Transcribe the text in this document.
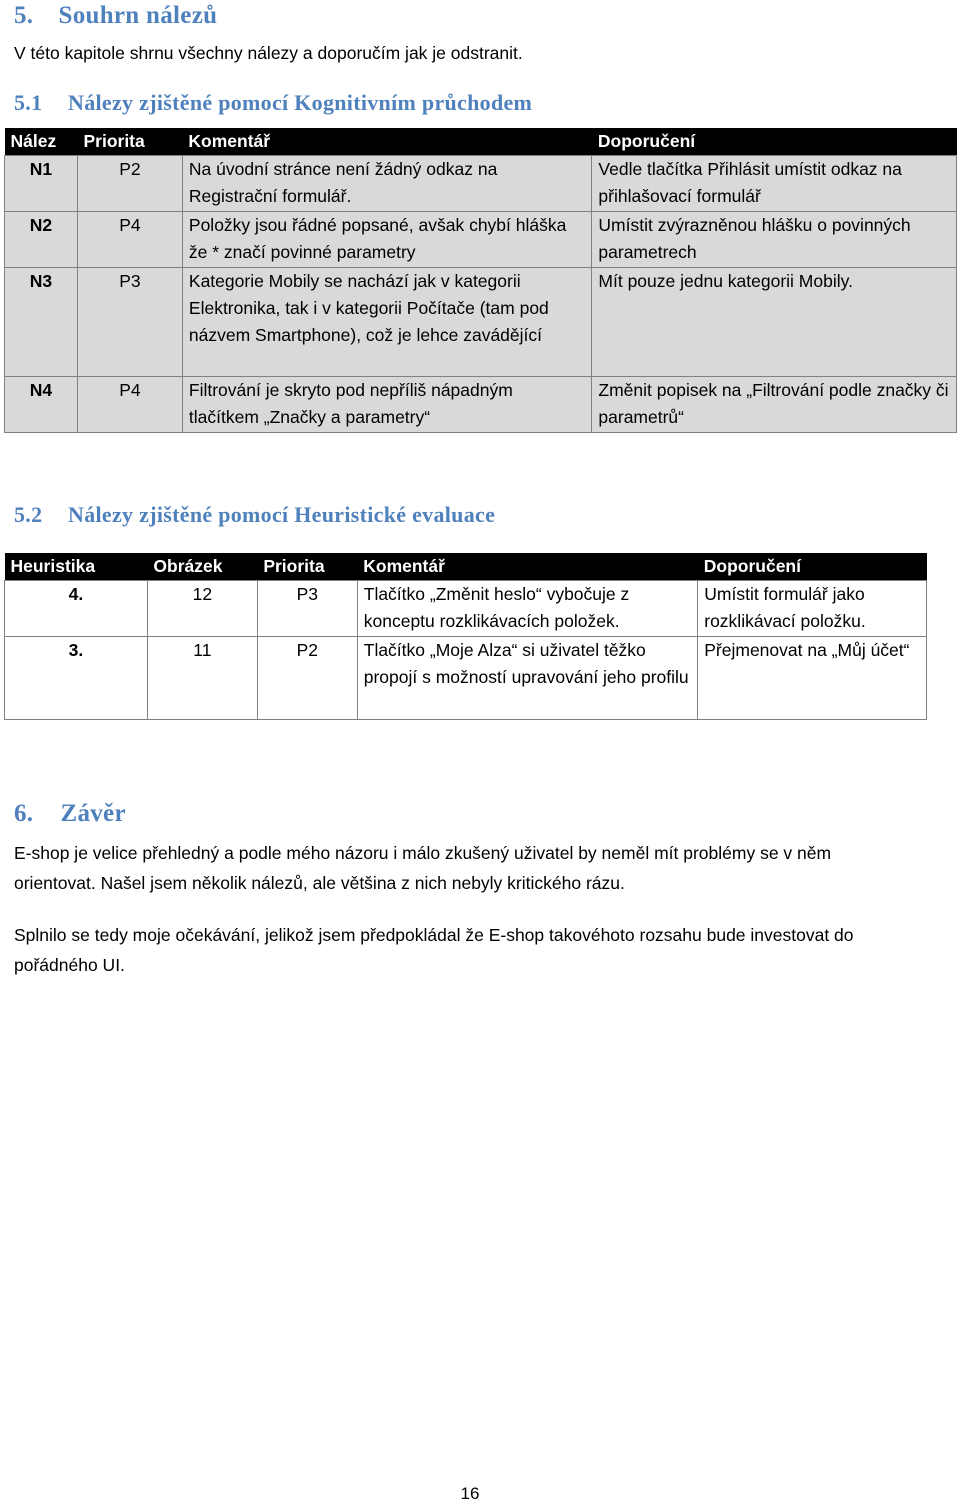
5. Souhrn nálezů

V této kapitole shrnu všechny nálezy a doporučím jak je odstranit.

5.1 Nálezy zjištěné pomocí Kognitivním průchodem
Nález	Priorita	Komentář	Doporučení
N1	P2	Na úvodní stránce není žádný odkaz na Registrační formulář.	Vedle tlačítka Přihlásit umístit odkaz na přihlašovací formulář
N2	P4	Položky jsou řádné popsané, avšak chybí hláška že * značí povinné parametry	Umístit zvýrazněnou hlášku o povinných parametrech
N3	P3	Kategorie Mobily se nachází jak v kategorii Elektronika, tak i v kategorii Počítače (tam pod názvem Smartphone), což je lehce zavádějící	Mít pouze jednu kategorii Mobily.
N4	P4	Filtrování je skryto pod nepříliš nápadným tlačítkem „Značky a parametry“	Změnit popisek na „Filtrování podle značky či parametrů“
5.2 Nálezy zjištěné pomocí Heuristické evaluace
Heuristika	Obrázek	Priorita	Komentář	Doporučení
4.	12	P3	Tlačítko „Změnit heslo“ vybočuje z konceptu rozklikávacích položek.	Umístit formulář jako rozklikávací položku.
3.	11	P2	Tlačítko „Moje Alza“ si uživatel těžko propojí s možností upravování jeho profilu	Přejmenovat na „Můj účet“
6. Závěr

E-shop je velice přehledný a podle mého názoru i málo zkušený uživatel by neměl mít problémy se v něm orientovat. Našel jsem několik nálezů, ale většina z nich nebyly kritického rázu.

Splnilo se tedy moje očekávání, jelikož jsem předpokládal že E-shop takovéhoto rozsahu bude investovat do pořádného UI.

16
